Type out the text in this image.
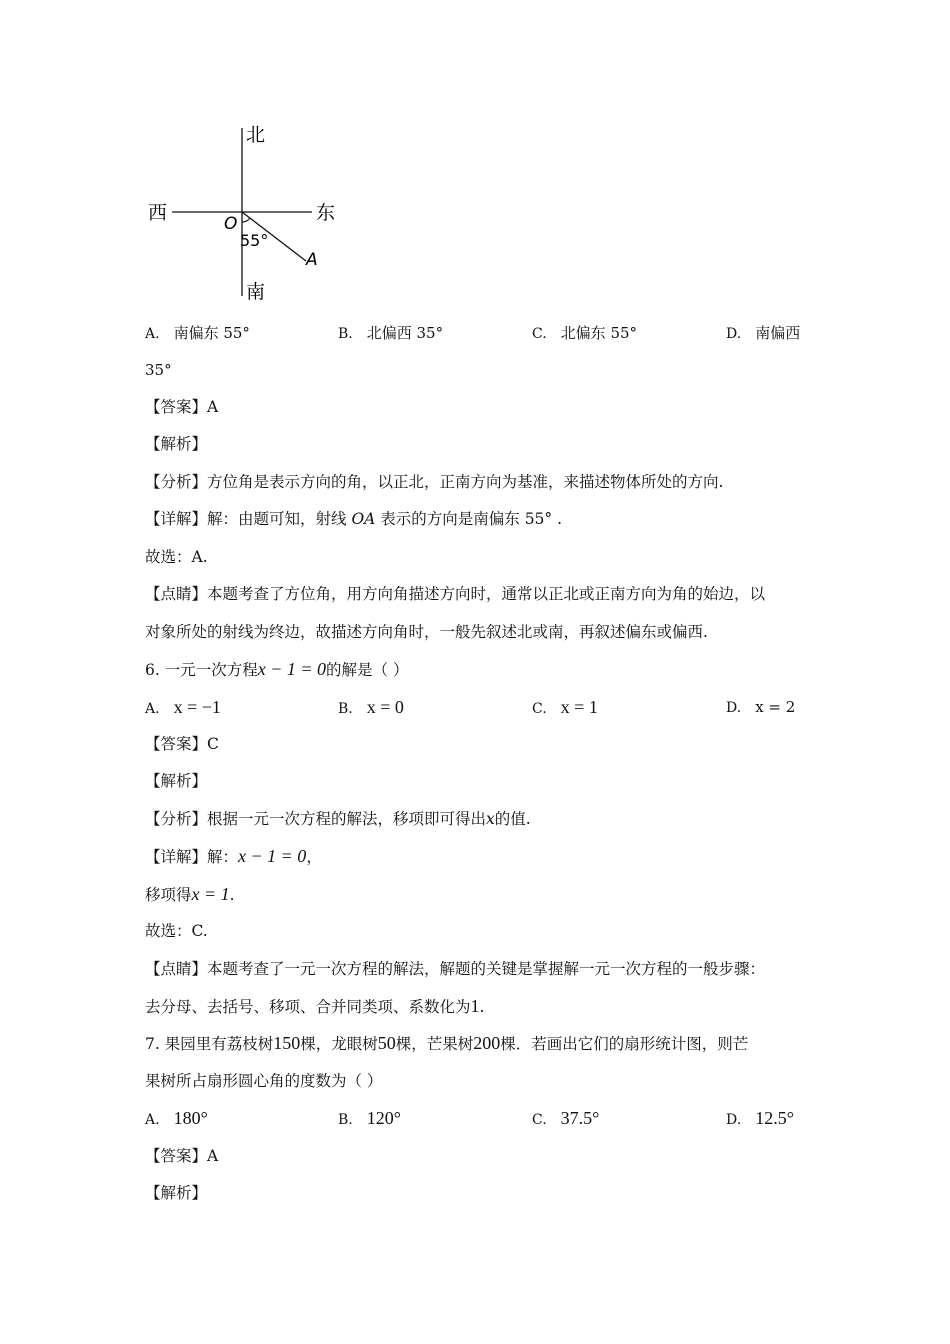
北
西	东
南
O
55°
A
A. 南偏东 55°	B. 北偏西 35°	C. 北偏东 55°	D. 南偏西
35°
【答案】A
【解析】
【分析】方位角是表示方向的角，以正北，正南方向为基准，来描述物体所处的方向.
【详解】解：由题可知，射线 OA 表示的方向是南偏东 55° .
故选：A.
【点睛】本题考查了方位角，用方向角描述方向时，通常以正北或正南方向为角的始边，以
对象所处的射线为终边，故描述方向角时，一般先叙述北或南，再叙述偏东或偏西.
6. 一元一次方程x − 1 = 0的解是（ ）
A. x = −1	B. x = 0	C. x = 1	D. x = 2
【答案】C
【解析】
【分析】根据一元一次方程的解法，移项即可得出x的值.
【详解】解：x − 1 = 0，
移项得x = 1.
故选：C.
【点睛】本题考查了一元一次方程的解法，解题的关键是掌握解一元一次方程的一般步骤：
去分母、去括号、移项、合并同类项、系数化为1.
7. 果园里有荔枝树150棵，龙眼树50棵，芒果树200棵．若画出它们的扇形统计图，则芒
果树所占扇形圆心角的度数为（ ）
A. 180°	B. 120°	C. 37.5°	D. 12.5°
【答案】A
【解析】
